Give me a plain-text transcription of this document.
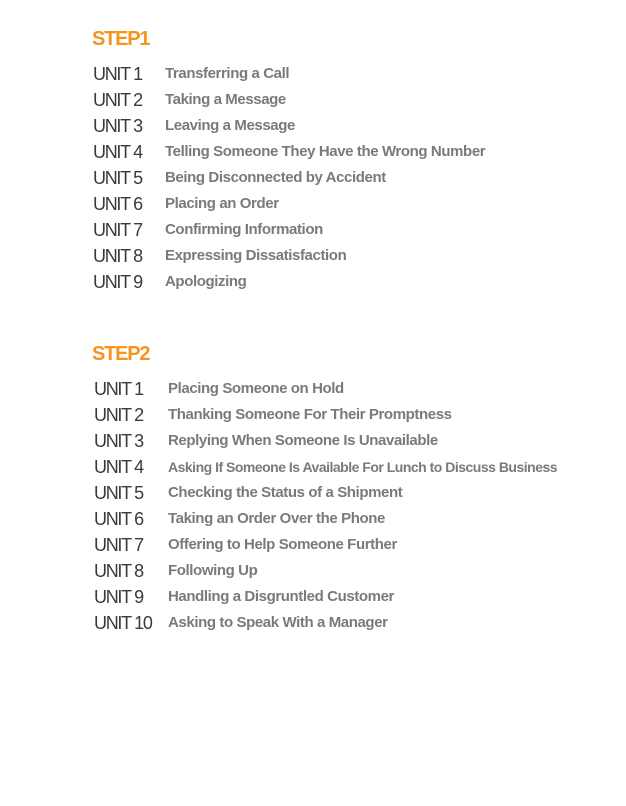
STEP1
UNIT 1 Transferring a Call
UNIT 2 Taking a Message
UNIT 3 Leaving a Message
UNIT 4 Telling Someone They Have the Wrong Number
UNIT 5 Being Disconnected by Accident
UNIT 6 Placing an Order
UNIT 7 Confirming Information
UNIT 8 Expressing Dissatisfaction
UNIT 9 Apologizing
STEP2
UNIT 1 Placing Someone on Hold
UNIT 2 Thanking Someone For Their Promptness
UNIT 3 Replying When Someone Is Unavailable
UNIT 4 Asking If Someone Is Available For Lunch to Discuss Business
UNIT 5 Checking the Status of a Shipment
UNIT 6 Taking an Order Over the Phone
UNIT 7 Offering to Help Someone Further
UNIT 8 Following Up
UNIT 9 Handling a Disgruntled Customer
UNIT 10 Asking to Speak With a Manager
